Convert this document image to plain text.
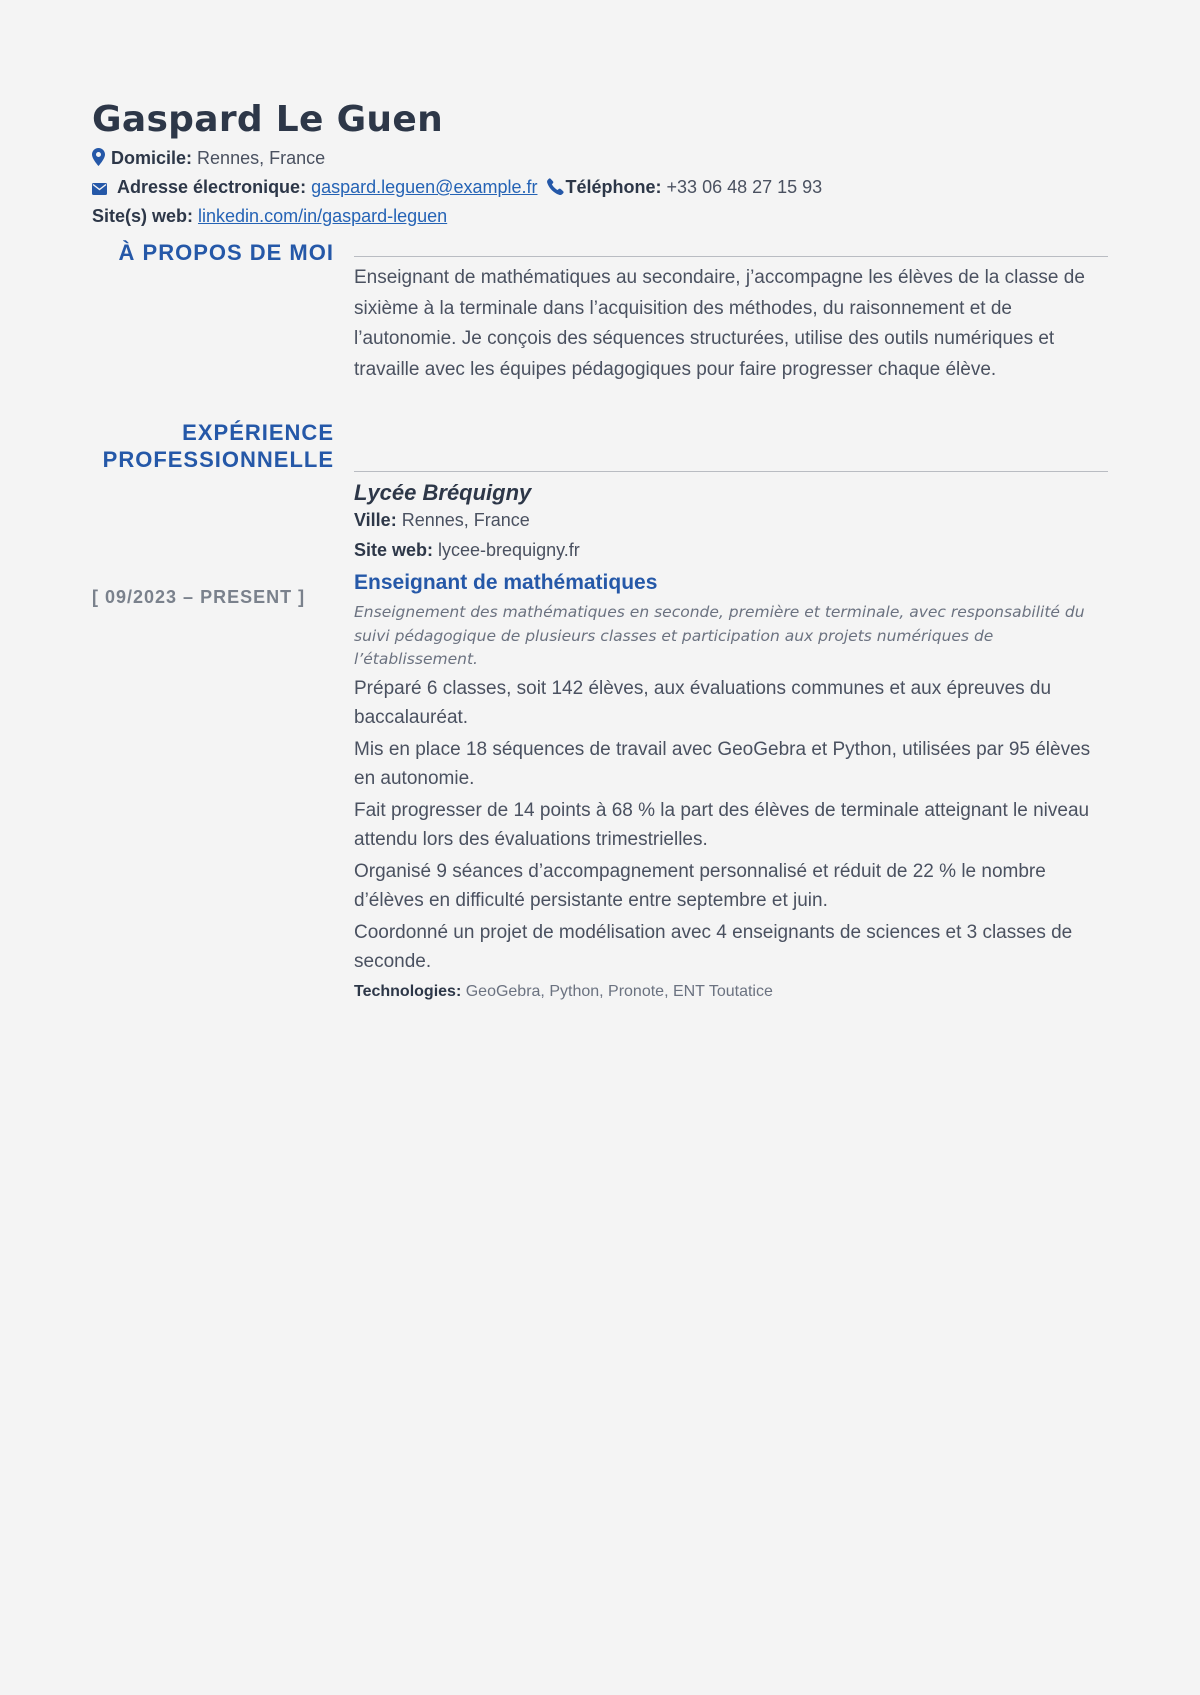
Gaspard Le Guen
Domicile: Rennes, France
Adresse électronique: gaspard.leguen@example.fr Téléphone: +33 06 48 27 15 93
Site(s) web: linkedin.com/in/gaspard-leguen
À PROPOS DE MOI

Enseignant de mathématiques au secondaire, j’accompagne les élèves de la classe de sixième à la terminale dans l’acquisition des méthodes, du raisonnement et de l’autonomie. Je conçois des séquences structurées, utilise des outils numériques et travaille avec les équipes pédagogiques pour faire progresser chaque élève.

EXPÉRIENCE
PROFESSIONNELLE
Lycée Bréquigny
Ville: Rennes, France
Site web: lycee-brequigny.fr
Enseignant de mathématiques

Enseignement des mathématiques en seconde, première et terminale, avec responsabilité du suivi pédagogique de plusieurs classes et participation aux projets numériques de l’établissement.

Préparé 6 classes, soit 142 élèves, aux évaluations communes et aux épreuves du baccalauréat.
Mis en place 18 séquences de travail avec GeoGebra et Python, utilisées par 95 élèves en autonomie.
Fait progresser de 14 points à 68 % la part des élèves de terminale atteignant le niveau attendu lors des évaluations trimestrielles.
Organisé 9 séances d’accompagnement personnalisé et réduit de 22 % le nombre d’élèves en difficulté persistante entre septembre et juin.
Coordonné un projet de modélisation avec 4 enseignants de sciences et 3 classes de seconde.
Technologies: GeoGebra, Python, Pronote, ENT Toutatice
[ 09/2023 – PRESENT ]
